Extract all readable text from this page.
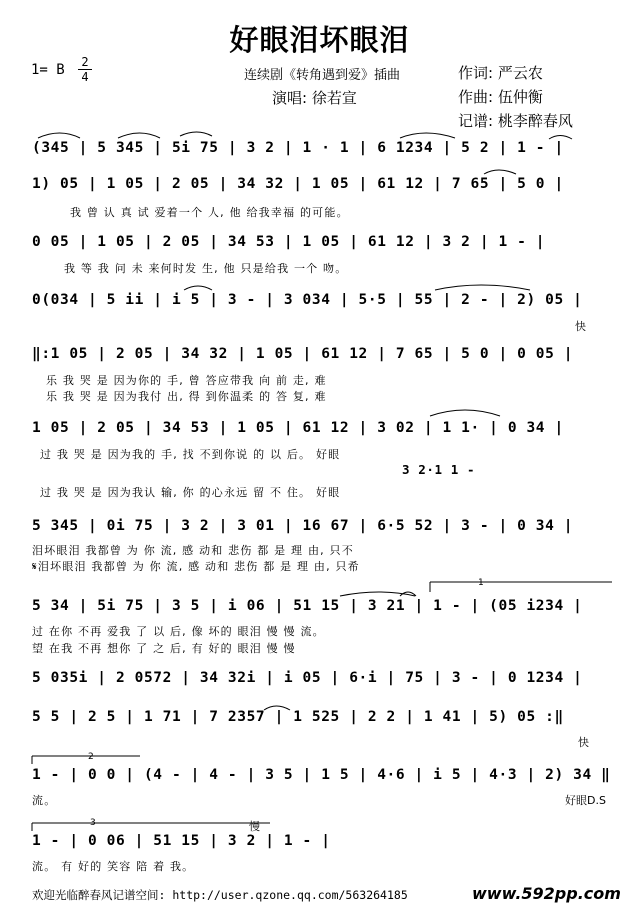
好眼泪坏眼泪
1= B 2
4	连续剧《转角遇到爱》插曲
演唱: 徐若宣
作词: 严云农
作曲: 伍仲衡
记谱: 桃李醉春风
(345 | 5 345 | 5i 75 | 3 2 | 1 · 1 | 6 1234 | 5 2 | 1 - |
1) 05 | 1 05 | 2 05 | 34 32 | 1 05 | 61 12 | 7 65 | 5 0 |
我 曾 认 真 试 爱着一个 人, 他 给我幸福 的可能。
0 05 | 1 05 | 2 05 | 34 53 | 1 05 | 61 12 | 3 2 | 1 - |
我 等 我 问 未 来何时发 生, 他 只是给我 一个 吻。
0(034 | 5 ii | i 5 | 3 - | 3 034 | 5·5 | 55 | 2 - | 2) 05 |
快
‖:1 05 | 2 05 | 34 32 | 1 05 | 61 12 | 7 65 | 5 0 | 0 05 |
乐 我 哭 是 因为你的 手, 曾 答应带我 向 前 走, 难
乐 我 哭 是 因为我付 出, 得 到你温柔 的 答 复, 难
1 05 | 2 05 | 34 53 | 1 05 | 61 12 | 3 02 | 1 1· | 0 34 |
过 我 哭 是 因为我的 手, 找 不到你说 的 以 后。 好眼
3 2·1 1 -
过 我 哭 是 因为我认 输, 你 的心永远 留 不 住。 好眼
5 345 | 0i 75 | 3 2 | 3 01 | 16 67 | 6·5 52 | 3 - | 0 34 |
泪坏眼泪 我都曾 为 你 流, 感 动和 悲伤 都 是 理 由, 只不
𝄋泪坏眼泪 我都曾 为 你 流, 感 动和 悲伤 都 是 理 由, 只希
1
5 34 | 5i 75 | 3 5 | i 06 | 51 15 | 3 21 | 1 - | (05 i234 |
过 在你 不再 爱我 了 以 后, 像 坏的 眼泪 慢 慢 流。
望 在我 不再 想你 了 之 后, 有 好的 眼泪 慢 慢
5 035i | 2 0572 | 34 32i | i 05 | 6·i | 75 | 3 - | 0 1234 |
5 5 | 2 5 | 1 71 | 7 2357 | 1 525 | 2 2 | 1 41 | 5) 05 :‖
快
2
1 - | 0 0 | (4 - | 4 - | 3 5 | 1 5 | 4·6 | i 5 | 4·3 | 2) 34 ‖
流。	好眼D.S
3	慢
1 - | 0 06 | 51 15 | 3 2 | 1 - |
流。 有 好的 笑容 陪 着 我。
欢迎光临醉春风记谱空间: http://user.qzone.qq.com/563264185	www.592pp.com
